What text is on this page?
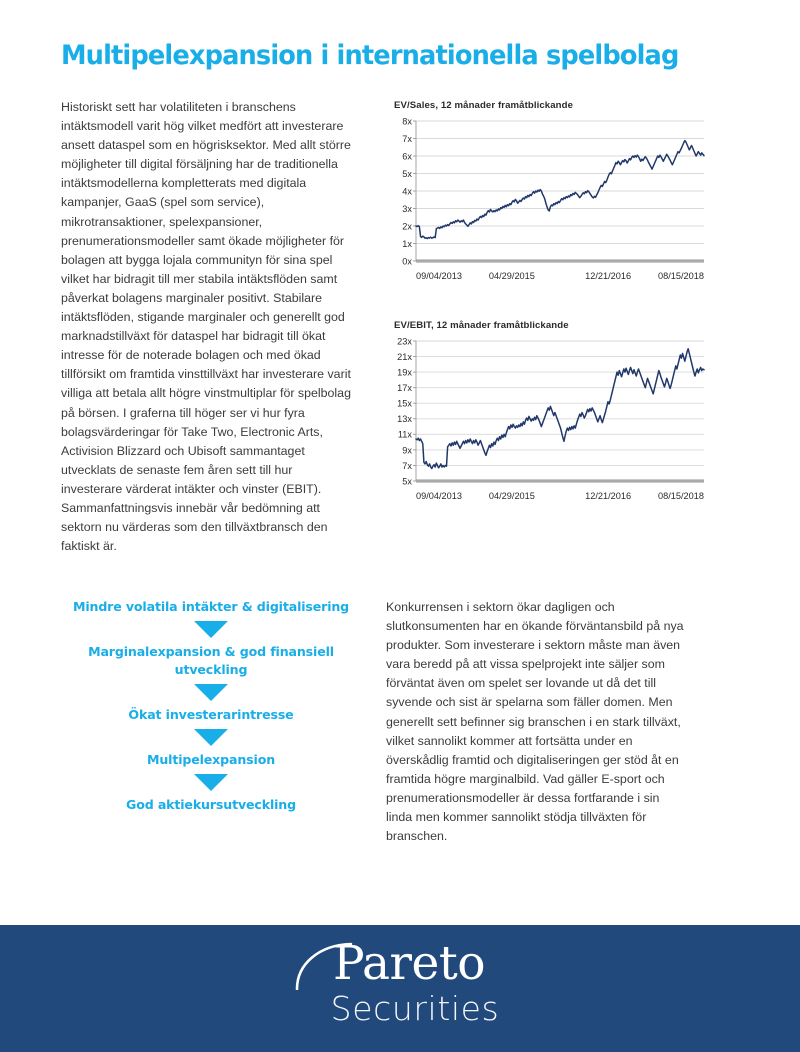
Multipelexpansion i internationella spelbolag
Historiskt sett har volatiliteten i branschens intäktsmodell varit hög vilket medfört att investerare ansett dataspel som en högrisksektor. Med allt större möjligheter till digital försäljning har de traditionella intäktsmodellerna kompletterats med digitala kampanjer, GaaS (spel som service), mikrotransaktioner, spelexpansioner, prenumerationsmodeller samt ökade möjligheter för bolagen att bygga lojala communityn för sina spel vilket har bidragit till mer stabila intäktsflöden samt påverkat bolagens marginaler positivt. Stabilare intäktsflöden, stigande marginaler och generellt god marknadstillväxt för dataspel har bidragit till ökat intresse för de noterade bolagen och med ökad tillförsikt om framtida vinsttillväxt har investerare varit villiga att betala allt högre vinstmultiplar för spelbolag på börsen. I graferna till höger ser vi hur fyra bolagsvärderingar för Take Two, Electronic Arts, Activision Blizzard och Ubisoft sammantaget utvecklats de senaste fem åren sett till hur investerare värderat intäkter och vinster (EBIT). Sammanfattningsvis innebär vår bedömning att sektorn nu värderas som den tillväxtbransch den faktiskt är.
EV/Sales, 12 månader framåtblickande
0x
1x
2x
3x
4x
5x
6x
7x
8x
09/04/2013	04/29/2015	12/21/2016	08/15/2018
EV/EBIT, 12 månader framåtblickande
5x
7x
9x
11x
13x
15x
17x
19x
21x
23x
09/04/2013	04/29/2015	12/21/2016	08/15/2018
Mindre volatila intäkter & digitalisering
Marginalexpansion & god finansiell utveckling
Ökat investerarintresse
Multipelexpansion
God aktiekursutveckling
Konkurrensen i sektorn ökar dagligen och slutkonsumenten har en ökande förväntansbild på nya produkter. Som investerare i sektorn måste man även vara beredd på att vissa spelprojekt inte säljer som förväntat även om spelet ser lovande ut då det till syvende och sist är spelarna som fäller domen. Men generellt sett befinner sig branschen i en stark tillväxt, vilket sannolikt kommer att fortsätta under en överskådlig framtid och digitaliseringen ger stöd åt en framtida högre marginalbild. Vad gäller E-sport och prenumerationsmodeller är dessa fortfarande i sin linda men kommer sannolikt stödja tillväxten för branschen.
Pareto
Securities
